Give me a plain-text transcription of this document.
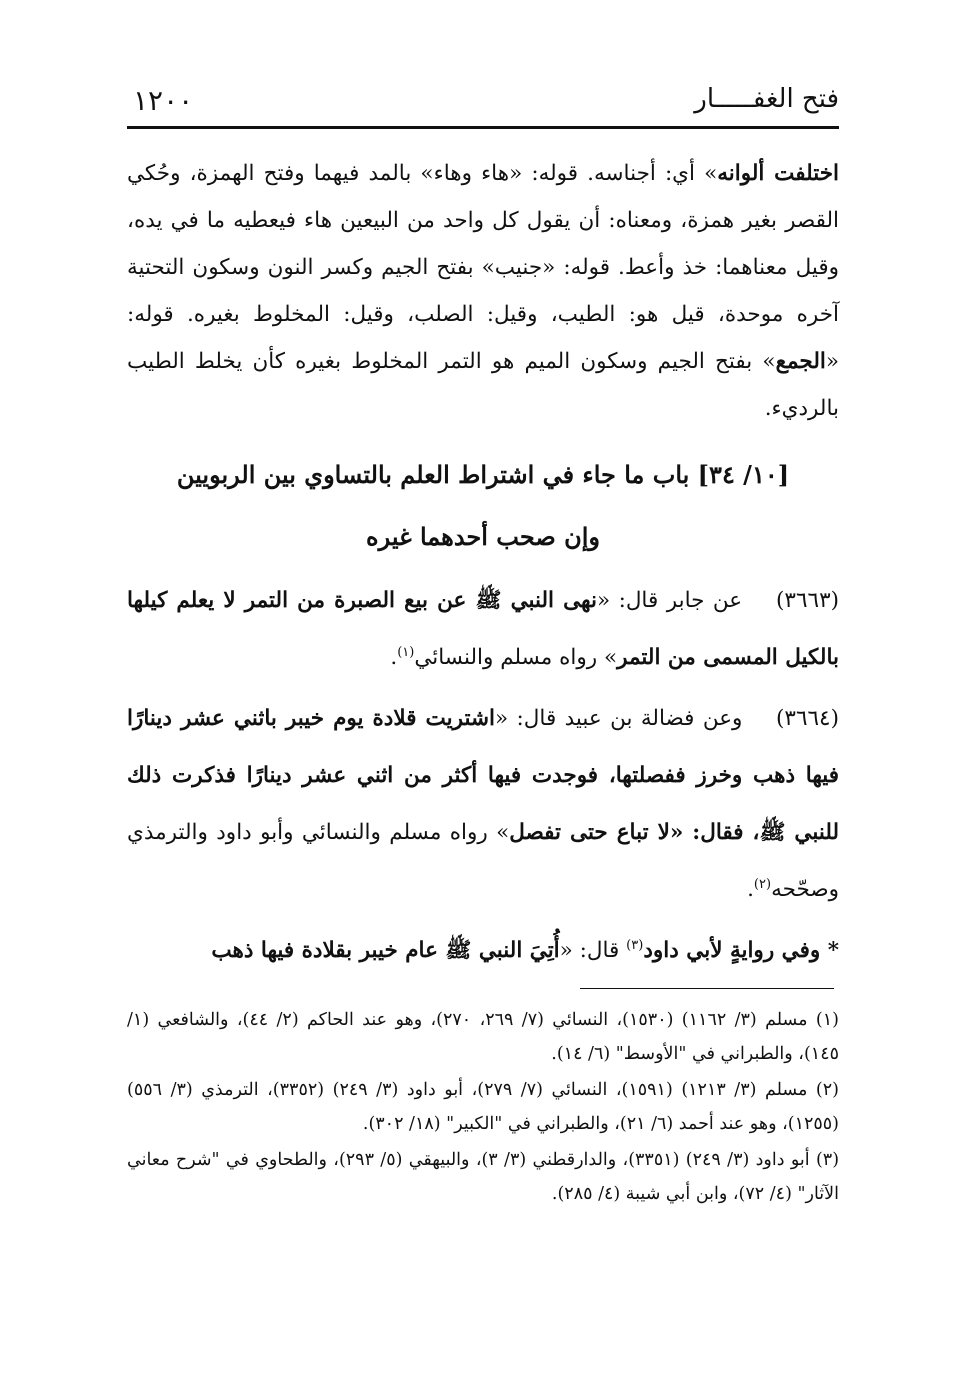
فتح الغفـــــار
١٢٠٠

اختلفت ألوانه» أي: أجناسه. قوله: «هاء وهاء» بالمد فيهما وفتح الهمزة، وحُكي القصر بغير همزة، ومعناه: أن يقول كل واحد من البيعين هاء فيعطيه ما في يده، وقيل معناهما: خذ وأعط. قوله: «جنيب» بفتح الجيم وكسر النون وسكون التحتية آخره موحدة، قيل هو: الطيب، وقيل: الصلب، وقيل: المخلوط بغيره. قوله: «الجمع» بفتح الجيم وسكون الميم هو التمر المخلوط بغيره كأن يخلط الطيب بالرديء.

[١٠/ ٣٤] باب ما جاء في اشتراط العلم بالتساوي بين الربويين
وإن صحب أحدهما غيره

(٣٦٦٣)    عن جابر قال: «نهى النبي ﷺ عن بيع الصبرة من التمر لا يعلم كيلها بالكيل المسمى من التمر» رواه مسلم والنسائي$^{(١)}$.

(٣٦٦٤)    وعن فضالة بن عبيد قال: «اشتريت قلادة يوم خيبر باثني عشر دينارًا فيها ذهب وخرز ففصلتها، فوجدت فيها أكثر من اثني عشر دينارًا فذكرت ذلك للنبي ﷺ، فقال: «لا تباع حتى تفصل» رواه مسلم والنسائي وأبو داود والترمذي وصحّحه$^{(٢)}$.

* وفي روايةٍ لأبي داود$^{(٣)}$ قال: «أُتِيَ النبي ﷺ عام خيبر بقلادة فيها ذهب

(١) مسلم (٣/ ١١٦٢) (١٥٣٠)، النسائي (٧/ ٢٦٩، ٢٧٠)، وهو عند الحاكم (٢/ ٤٤)، والشافعي (١/ ١٤٥)، والطبراني في "الأوسط" (٦/ ١٤).

(٢) مسلم (٣/ ١٢١٣) (١٥٩١)، النسائي (٧/ ٢٧٩)، أبو داود (٣/ ٢٤٩) (٣٣٥٢)، الترمذي (٣/ ٥٥٦) (١٢٥٥)، وهو عند أحمد (٦/ ٢١)، والطبراني في "الكبير" (١٨/ ٣٠٢).

(٣) أبو داود (٣/ ٢٤٩) (٣٣٥١)، والدارقطني (٣/ ٣)، والبيهقي (٥/ ٢٩٣)، والطحاوي في "شرح معاني الآثار" (٤/ ٧٢)، وابن أبي شيبة (٤/ ٢٨٥).
